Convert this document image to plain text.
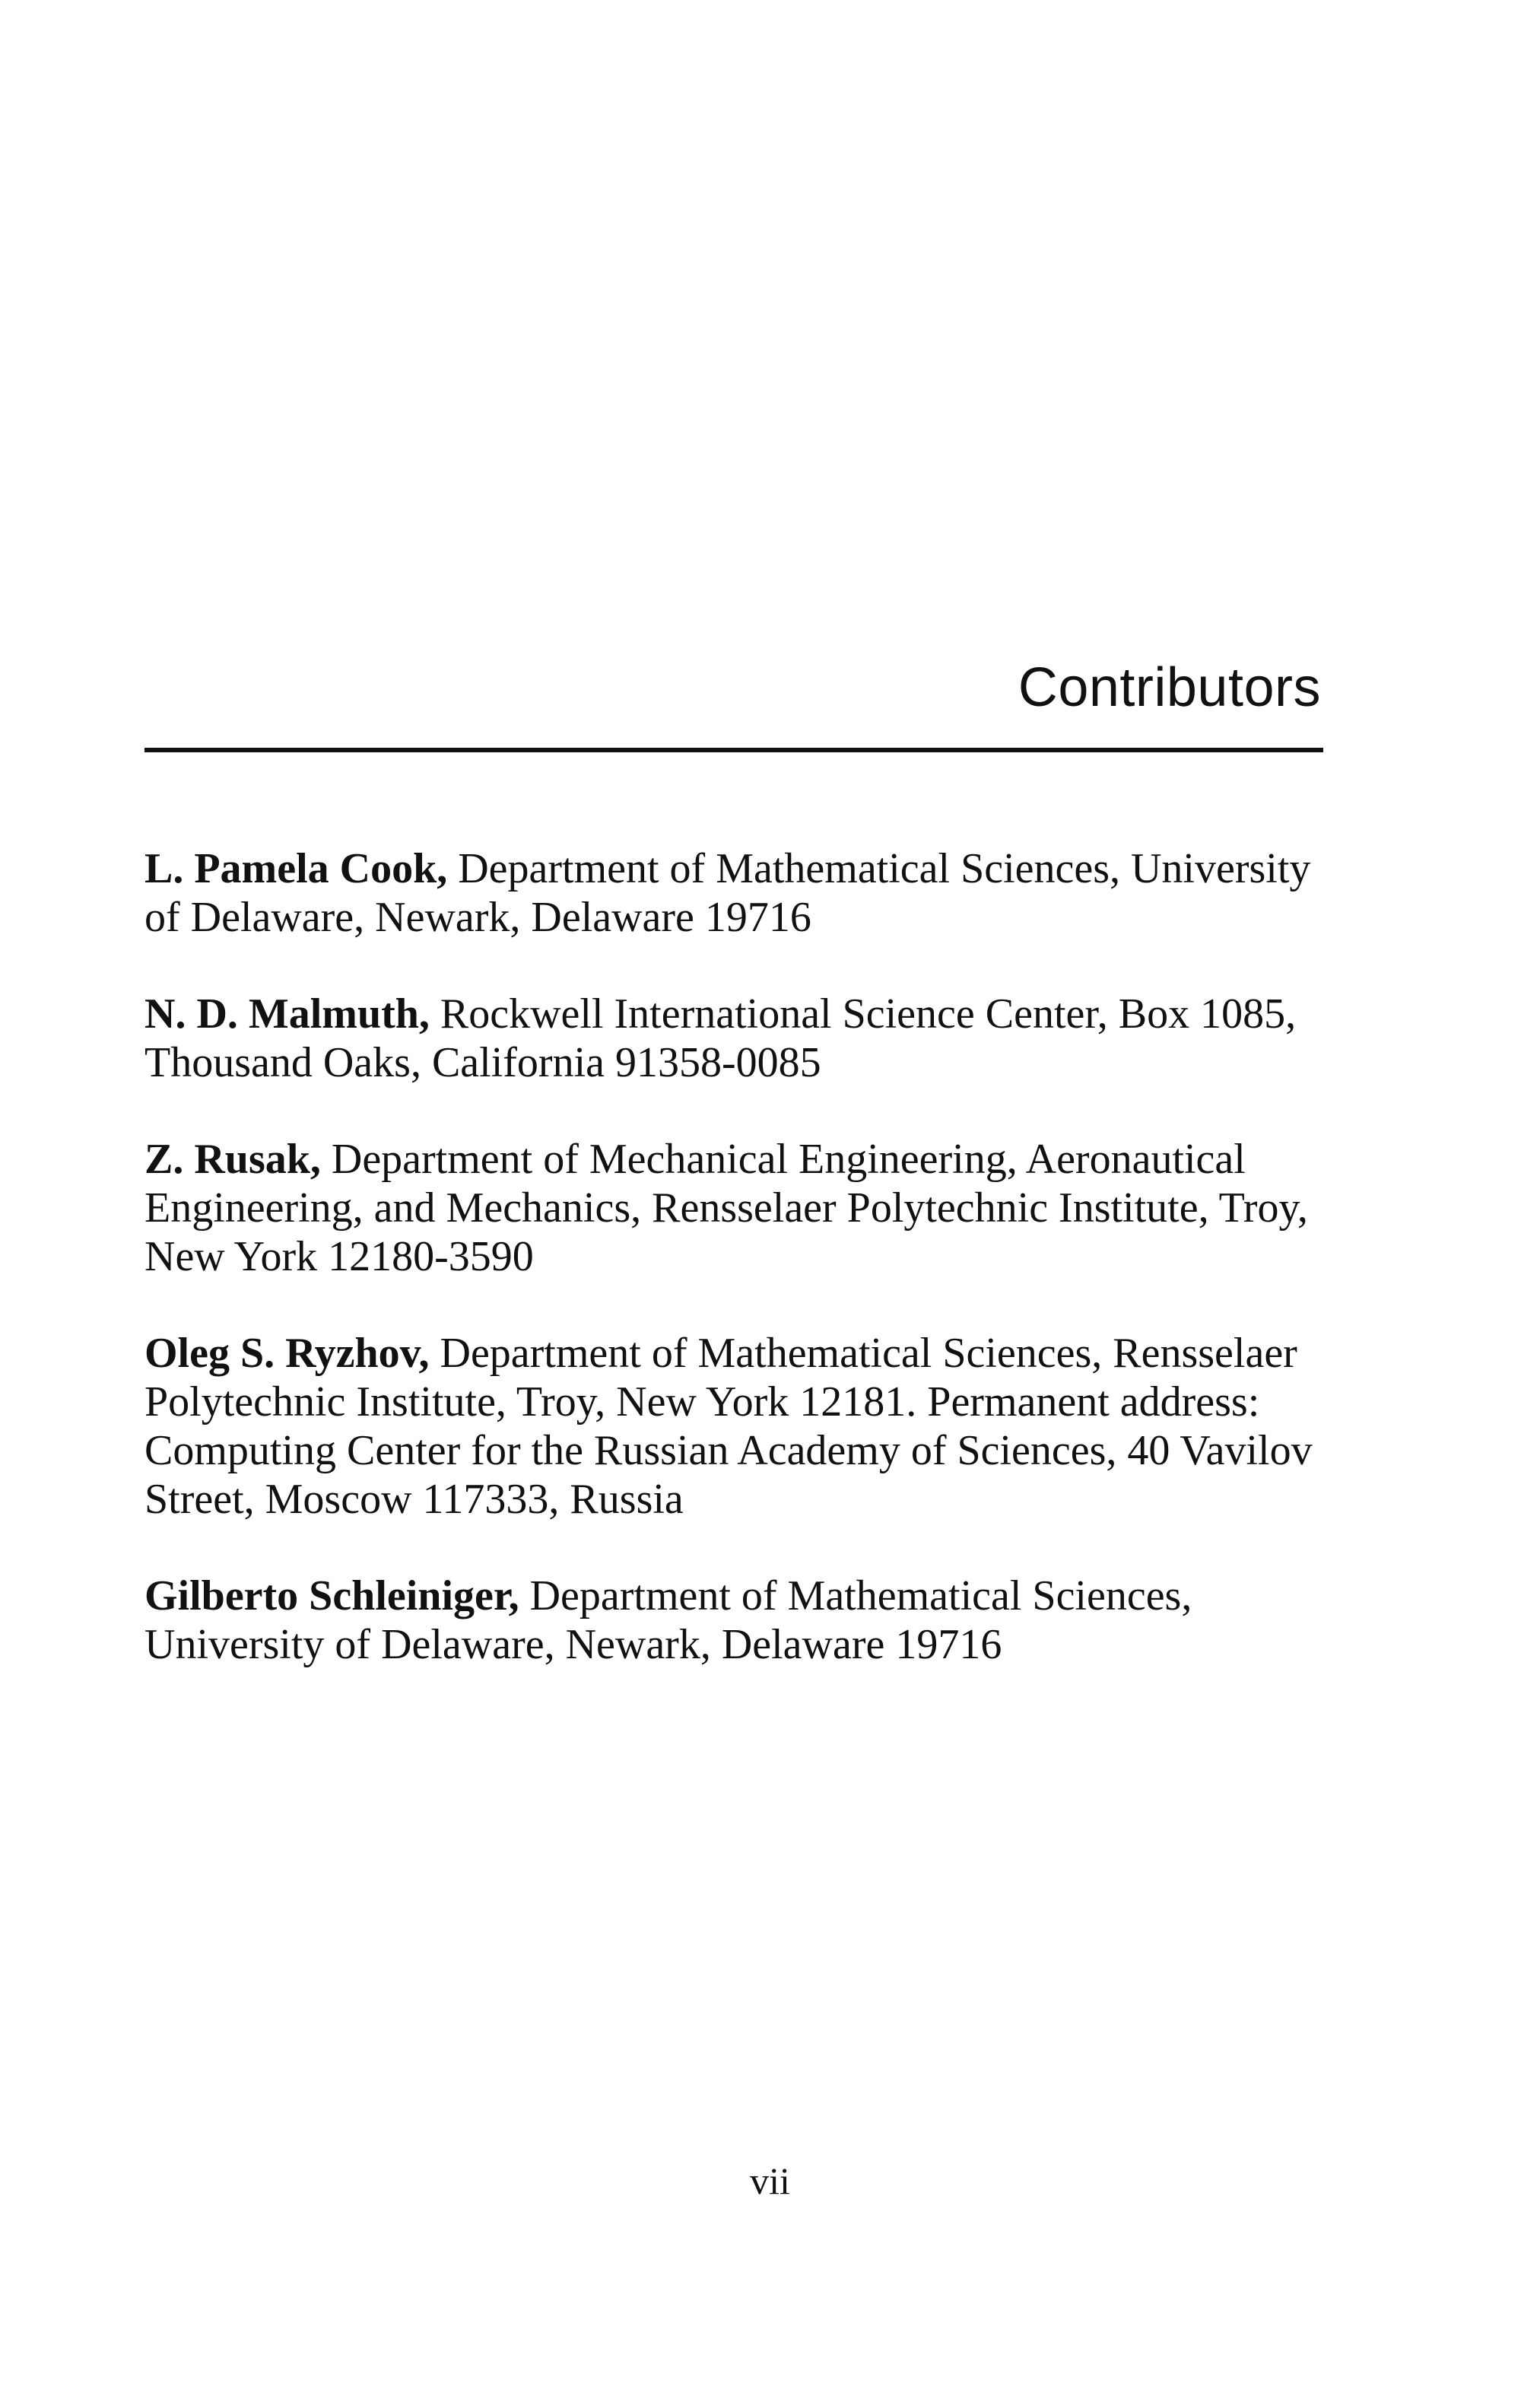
Contributors

L. Pamela Cook, Department of Mathematical Sciences, University of Delaware, Newark, Delaware 19716

N. D. Malmuth, Rockwell International Science Center, Box 1085, Thousand Oaks, California 91358-0085

Z. Rusak, Department of Mechanical Engineering, Aeronautical Engineering, and Mechanics, Rensselaer Polytechnic Institute, Troy, New York 12180-3590

Oleg S. Ryzhov, Department of Mathematical Sciences, Rensselaer Polytechnic Institute, Troy, New York 12181. Permanent address: Computing Center for the Russian Academy of Sciences, 40 Vavilov Street, Moscow 117333, Russia

Gilberto Schleiniger, Department of Mathematical Sciences, University of Delaware, Newark, Delaware 19716

vii
